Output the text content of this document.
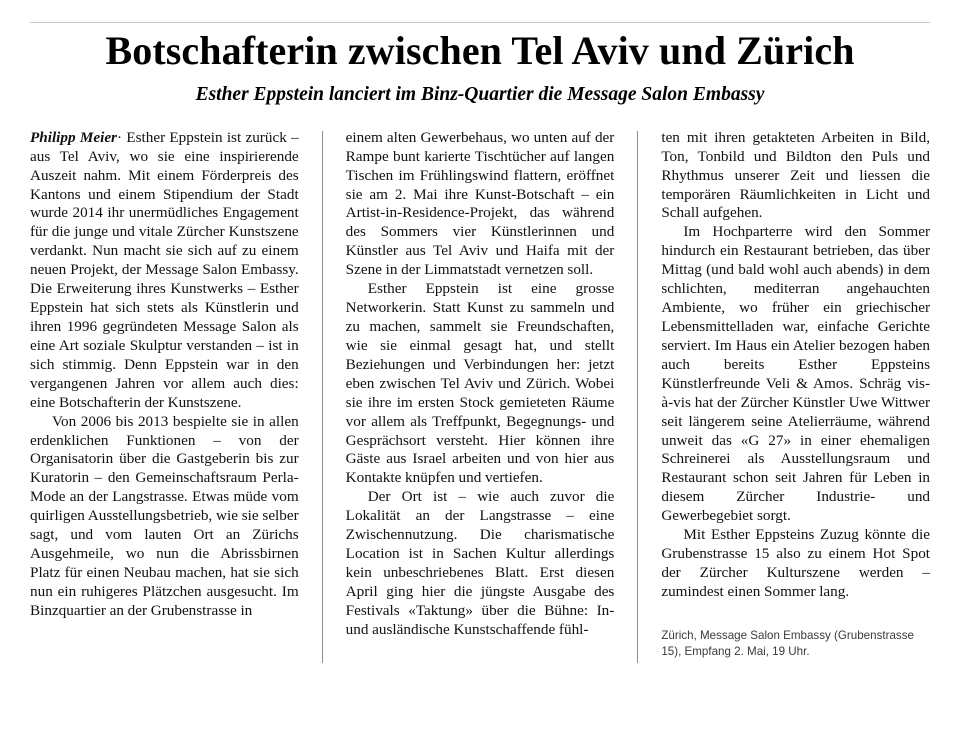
Botschafterin zwischen Tel Aviv und Zürich
Esther Eppstein lanciert im Binz-Quartier die Message Salon Embassy

Philipp Meier· Esther Eppstein ist zurück – aus Tel Aviv, wo sie eine inspirierende Auszeit nahm. Mit einem Förderpreis des Kantons und einem Stipendium der Stadt wurde 2014 ihr unermüdliches Engagement für die junge und vitale Zürcher Kunstszene verdankt. Nun macht sie sich auf zu einem neuen Projekt, der Message Salon Embassy. Die Erweiterung ihres Kunstwerks – Esther Eppstein hat sich stets als Künstlerin und ihren 1996 gegründeten Message Salon als eine Art soziale Skulptur verstanden – ist in sich stimmig. Denn Eppstein war in den vergangenen Jahren vor allem auch dies: eine Botschafterin der Kunstszene.

Von 2006 bis 2013 bespielte sie in allen erdenklichen Funktionen – von der Organisatorin über die Gastgeberin bis zur Kuratorin – den Gemeinschaftsraum Perla-Mode an der Langstrasse. Etwas müde vom quirligen Ausstellungsbetrieb, wie sie selber sagt, und vom lauten Ort an Zürichs Ausgehmeile, wo nun die Abrissbirnen Platz für einen Neubau machen, hat sie sich nun ein ruhigeres Plätzchen ausgesucht. Im Binzquartier an der Grubenstrasse in

einem alten Gewerbehaus, wo unten auf der Rampe bunt karierte Tischtücher auf langen Tischen im Frühlingswind flattern, eröffnet sie am 2. Mai ihre Kunst-Botschaft – ein Artist-in-Residence-Projekt, das während des Sommers vier Künstlerinnen und Künstler aus Tel Aviv und Haifa mit der Szene in der Limmatstadt vernetzen soll.

Esther Eppstein ist eine grosse Networkerin. Statt Kunst zu sammeln und zu machen, sammelt sie Freundschaften, wie sie einmal gesagt hat, und stellt Beziehungen und Verbindungen her: jetzt eben zwischen Tel Aviv und Zürich. Wobei sie ihre im ersten Stock gemieteten Räume vor allem als Treffpunkt, Begegnungs- und Gesprächsort versteht. Hier können ihre Gäste aus Israel arbeiten und von hier aus Kontakte knüpfen und vertiefen.

Der Ort ist – wie auch zuvor die Lokalität an der Langstrasse – eine Zwischennutzung. Die charismatische Location ist in Sachen Kultur allerdings kein unbeschriebenes Blatt. Erst diesen April ging hier die jüngste Ausgabe des Festivals «Taktung» über die Bühne: In- und ausländische Kunstschaffende fühl-

ten mit ihren getakteten Arbeiten in Bild, Ton, Tonbild und Bildton den Puls und Rhythmus unserer Zeit und liessen die temporären Räumlichkeiten in Licht und Schall aufgehen.

Im Hochparterre wird den Sommer hindurch ein Restaurant betrieben, das über Mittag (und bald wohl auch abends) in dem schlichten, mediterran angehauchten Ambiente, wo früher ein griechischer Lebensmittelladen war, einfache Gerichte serviert. Im Haus ein Atelier bezogen haben auch bereits Esther Eppsteins Künstlerfreunde Veli & Amos. Schräg vis-à-vis hat der Zürcher Künstler Uwe Wittwer seit längerem seine Atelierräume, während unweit das «G 27» in einer ehemaligen Schreinerei als Ausstellungsraum und Restaurant schon seit Jahren für Leben in diesem Zürcher Industrie- und Gewerbegebiet sorgt.

Mit Esther Eppsteins Zuzug könnte die Grubenstrasse 15 also zu einem Hot Spot der Zürcher Kulturszene werden – zumindest einen Sommer lang.

Zürich, Message Salon Embassy (Grubenstrasse 15), Empfang 2. Mai, 19 Uhr.
